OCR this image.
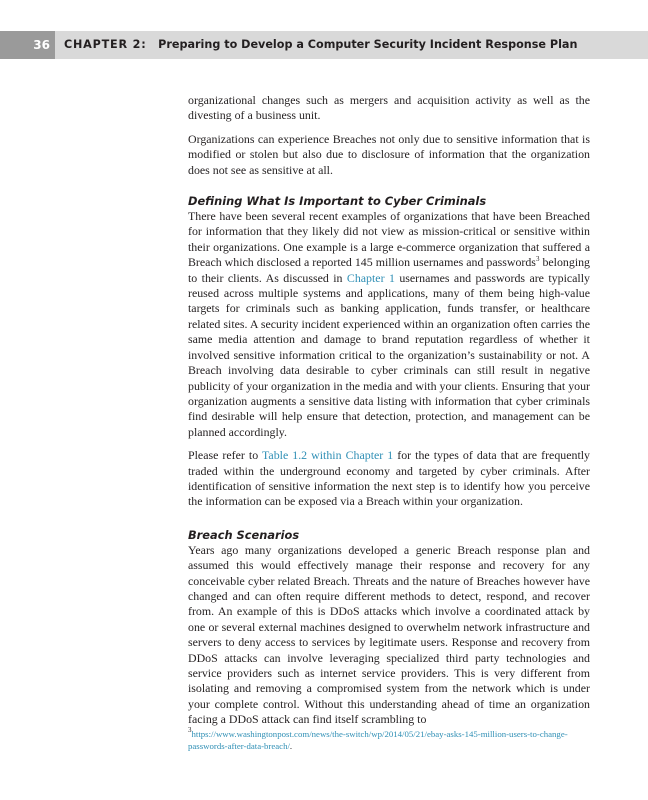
36	CHAPTER 2: Preparing to Develop a Computer Security Incident Response Plan

organizational changes such as mergers and acquisition activity as well as the divesting of a business unit.

Organizations can experience Breaches not only due to sensitive information that is modified or stolen but also due to disclosure of information that the organization does not see as sensitive at all.

Defining What Is Important to Cyber Criminals

There have been several recent examples of organizations that have been Breached for information that they likely did not view as mission-critical or sensitive within their organizations. One example is a large e-commerce organization that suffered a Breach which disclosed a reported 145 million usernames and passwords$^3$ belonging to their clients. As discussed in Chapter 1 usernames and passwords are typically reused across multiple systems and applications, many of them being high-value targets for criminals such as banking application, funds transfer, or healthcare related sites. A security incident experienced within an organization often carries the same media attention and damage to brand reputation regardless of whether it involved sensitive information critical to the organization’s sustainability or not. A Breach involving data desirable to cyber criminals can still result in negative publicity of your organization in the media and with your clients. Ensuring that your organization augments a sensitive data listing with information that cyber criminals find desirable will help ensure that detection, protection, and management can be planned accordingly.

Please refer to Table 1.2 within Chapter 1 for the types of data that are frequently traded within the underground economy and targeted by cyber criminals. After identification of sensitive information the next step is to identify how you perceive the information can be exposed via a Breach within your organization.

Breach Scenarios

Years ago many organizations developed a generic Breach response plan and assumed this would effectively manage their response and recovery for any conceivable cyber related Breach. Threats and the nature of Breaches however have changed and can often require different methods to detect, respond, and recover from. An example of this is DDoS attacks which involve a coordinated attack by one or several external machines designed to overwhelm network infrastructure and servers to deny access to services by legitimate users. Response and recovery from DDoS attacks can involve leveraging specialized third party technologies and service providers such as internet service providers. This is very different from isolating and removing a compromised system from the network which is under your complete control. Without this understanding ahead of time an organization facing a DDoS attack can find itself scrambling to

$^3$https://www.washingtonpost.com/news/the-switch/wp/2014/05/21/ebay-asks-145-million-users-to-change-passwords-after-data-breach/.
